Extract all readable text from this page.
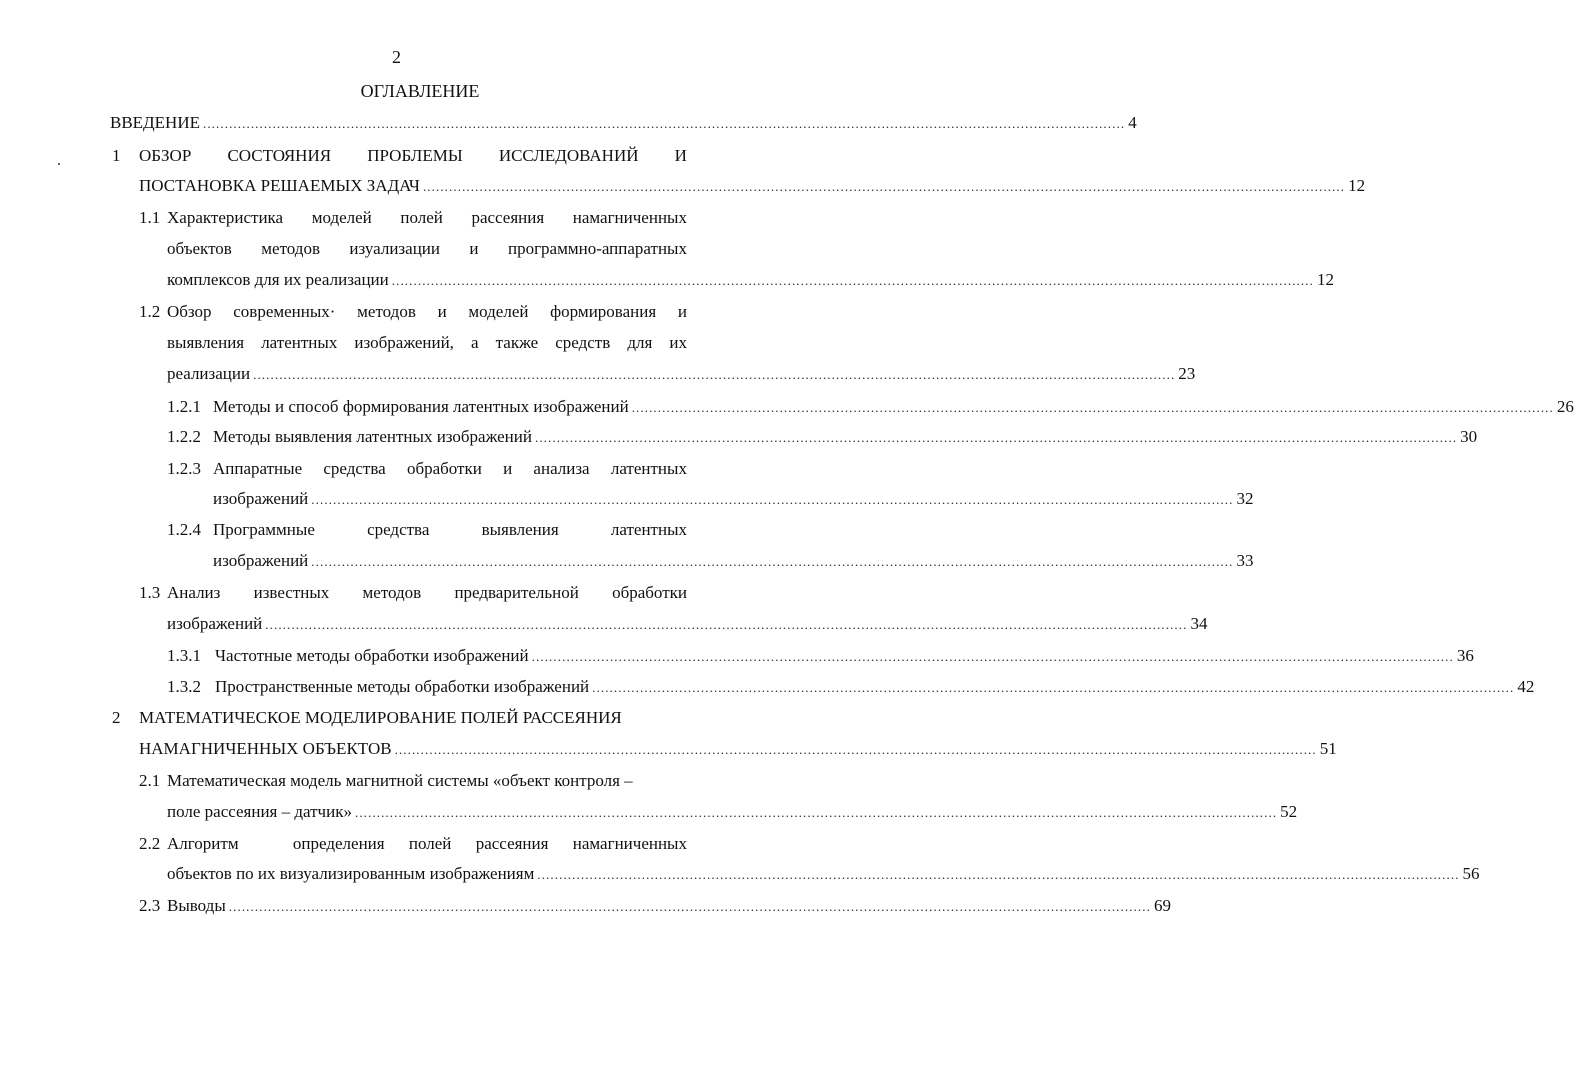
2
ОГЛАВЛЕНИЕ
ВВЕДЕНИЕ .................................................................................................................................................................................................................... 4
1 ОБЗОР СОСТОЯНИЯ ПРОБЛЕМЫ ИССЛЕДОВАНИЙ И
ПОСТАНОВКА РЕШАЕМЫХ ЗАДАЧ .................................................................................................................................................................................................................... 12
1.1 Характеристика моделей полей рассеяния намагниченных
объектов методов изуализации и программно-аппаратных
комплексов для их реализации .................................................................................................................................................................................................................... 12
1.2 Обзор современных· методов и моделей формирования и
выявления латентных изображений, а также средств для их
реализации .................................................................................................................................................................................................................... 23
1.2.1 Методы и способ формирования латентных изображений .................................................................................................................................................................................................................... 26
1.2.2 Методы выявления латентных изображений .................................................................................................................................................................................................................... 30
1.2.3 Аппаратные средства обработки и анализа латентных
изображений .................................................................................................................................................................................................................... 32
1.2.4 Программные	средства	выявления	латентных
изображений .................................................................................................................................................................................................................... 33
1.3 Анализ известных методов предварительной обработки
изображений .................................................................................................................................................................................................................... 34
1.3.1 Частотные методы обработки изображений .................................................................................................................................................................................................................... 36
1.3.2 Пространственные методы обработки изображений .................................................................................................................................................................................................................... 42
2 МАТЕМАТИЧЕСКОЕ МОДЕЛИРОВАНИЕ ПОЛЕЙ РАССЕЯНИЯ
НАМАГНИЧЕННЫХ ОБЪЕКТОВ .................................................................................................................................................................................................................... 51
2.1 Математическая модель магнитной системы «объект контроля –
поле рассеяния – датчик» .................................................................................................................................................................................................................... 52
2.2 Алгоритм	определения полей рассеяния намагниченных
объектов по их визуализированным изображениям .................................................................................................................................................................................................................... 56
2.3 Выводы .................................................................................................................................................................................................................... 69
